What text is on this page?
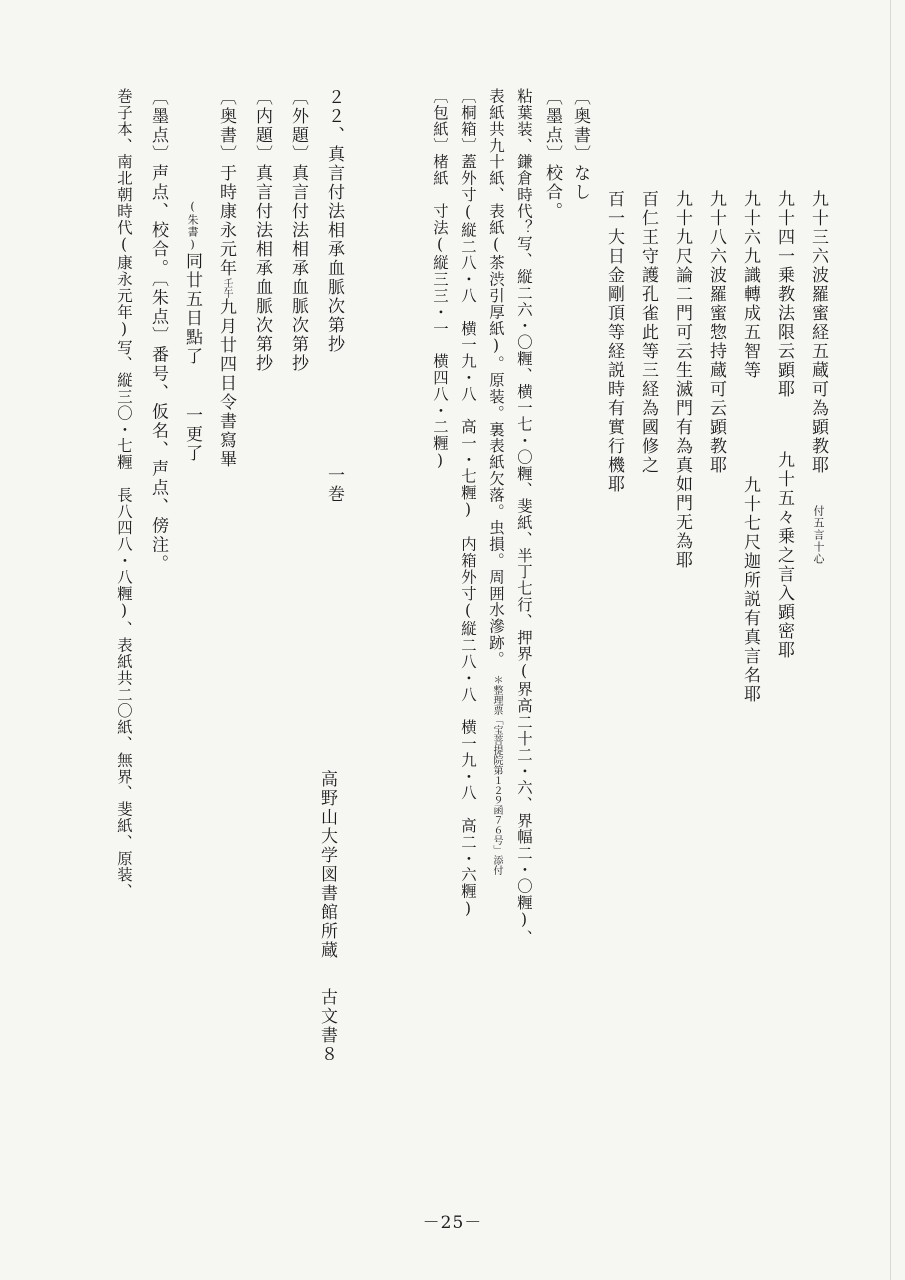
九十三六波羅蜜経五蔵可為顕教耶付五言十心
九十四一乗教法限云顕耶九十五々乗之言入顕密耶
九十六九識轉成五智等九十七尺迦所説有真言名耶
九十八六波羅蜜惣持蔵可云顕教耶
九十九尺論二門可云生滅門有為真如門无為耶
百仁王守護孔雀此等三経為國修之
百一大日金剛頂等経説時有實行機耶
〔奥書〕なし
〔墨点〕校合。
粘葉装、鎌倉時代？写、縦二六・〇糎、横一七・〇糎、斐紙、半丁七行、押界(界高二十二・六、界幅二・〇糎)、
表紙共九十紙、表紙(茶渋引厚紙)。原装。裏表紙欠落。虫損。周囲水滲跡。＊整理票「宝菩提院第１２９函７６号」添付
〔桐箱〕蓋外寸(縦二八・八　横一九・八　高一・七糎)　内箱外寸(縦二八・八　横一九・八　高二・六糎)
〔包紙〕楮紙　寸法(縦三三・一　横四八・二糎)
２２、真言付法相承血脈次第抄一巻
高野山大学図書館所蔵古文書８
〔外題〕真言付法相承血脈次第抄
〔内題〕真言付法相承血脈次第抄
〔奥書〕于時康永元年壬午九月廿四日令書寫畢
(朱書)同廿五日點了一更了
〔墨点〕声点、校合。〔朱点〕番号、仮名、声点、傍注。
巻子本、南北朝時代(康永元年)写、縦三〇・七糎　長八四八・八糎)、表紙共二〇紙、無界、斐紙、原装、
－25－
